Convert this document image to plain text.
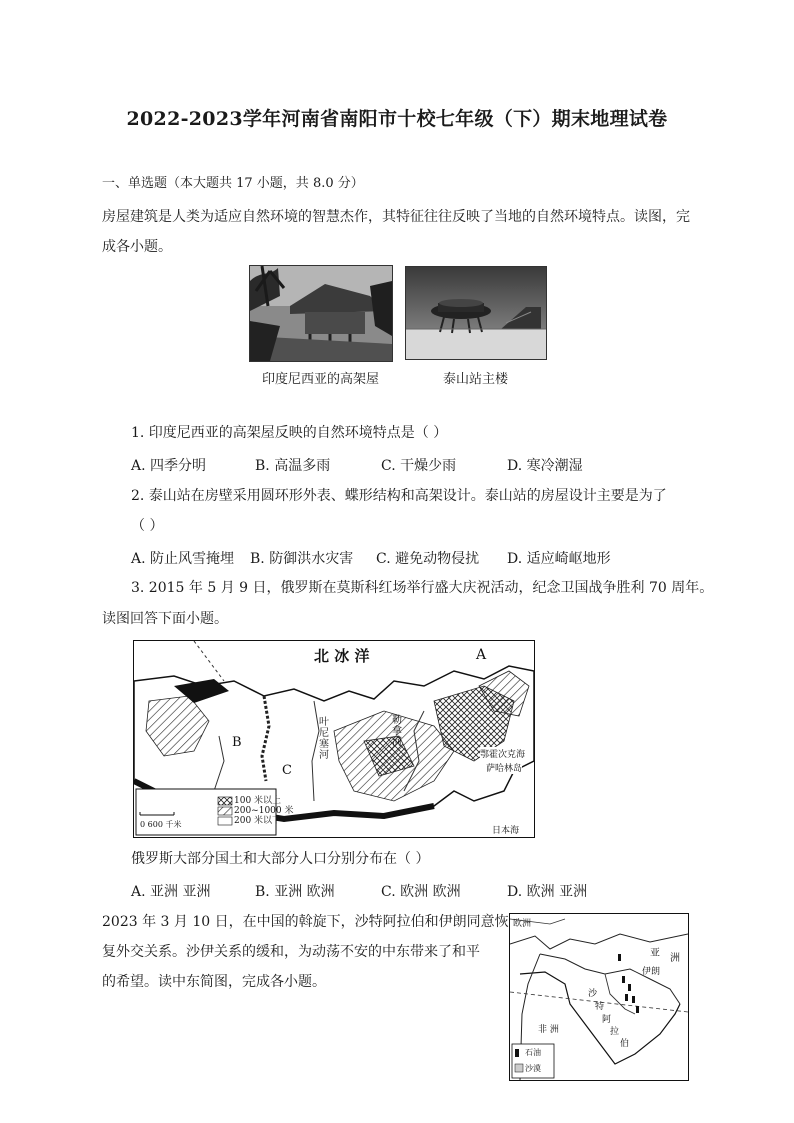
2022-2023学年河南省南阳市十校七年级（下）期末地理试卷
一、单选题（本大题共 17 小题，共 8.0 分）
房屋建筑是人类为适应自然环境的智慧杰作，其特征往往反映了当地的自然环境特点。读图，完
成各小题。
印度尼西亚的高架屋	泰山站主楼
1. 印度尼西亚的高架屋反映的自然环境特点是（ ）
A. 四季分明	B. 高温多雨	C. 干燥少雨	D. 寒冷潮湿
2. 泰山站在房壁采用圆环形外表、蝶形结构和高架设计。泰山站的房屋设计主要是为了
（ ）
A. 防止风雪掩埋 B. 防御洪水灾害 C. 避免动物侵扰 D. 适应崎岖地形
3. 2015 年 5 月 9 日，俄罗斯在莫斯科红场举行盛大庆祝活动，纪念卫国战争胜利 70 周年。
读图回答下面小题。
北 冰 洋	A
B
C
叶尼塞河
勒拿河
鄂霍次克海
萨哈林岛
日本海
0 600 千米
100 米以上
200~1000 米
200 米以下
俄罗斯大部分国土和大部分人口分别分布在（ ）
A. 亚洲 亚洲	B. 亚洲 欧洲	C. 欧洲 欧洲	D. 欧洲 亚洲
2023 年 3 月 10 日，在中国的斡旋下，沙特阿拉伯和伊朗同意恢
复外交关系。沙伊关系的缓和，为动荡不安的中东带来了和平
的希望。读中东简图，完成各小题。
欧洲
亚 洲
伊朗
非 洲
沙
特
阿
拉
伯
石油
沙漠
